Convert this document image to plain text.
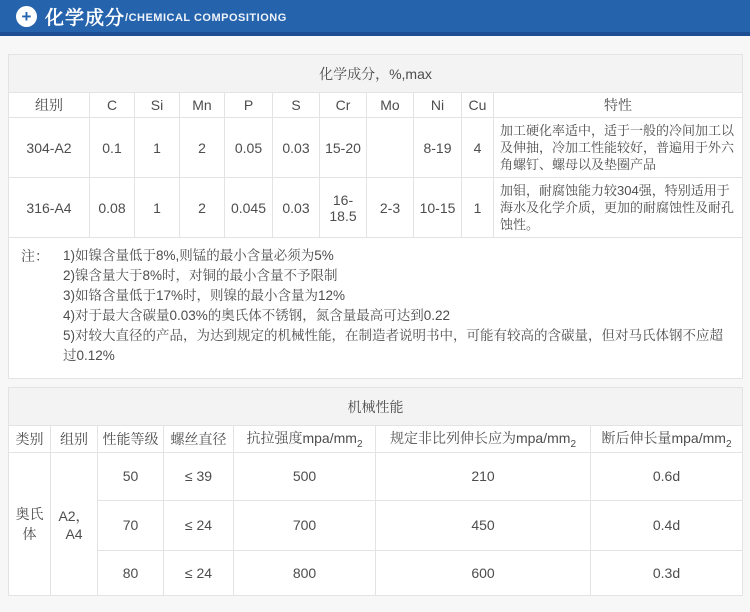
+ 化学成分 /CHEMICAL COMPOSITIONG
化学成分，%,max										
组别	C	Si	Mn	P	S	Cr	Mo	Ni	Cu	特性
304-A2	0.1	1	2	0.05	0.03	15-20		8-19	4	加工硬化率适中，适于一般的冷间加工以及伸抽，冷加工性能较好，普遍用于外六角螺钉、螺母以及垫圈产品
316-A4	0.08	1	2	0.045	0.03	16-18.5	2-3	10-15	1	加钼，耐腐蚀能力较304强，特别适用于海水及化学介质，更加的耐腐蚀性及耐孔蚀性。

注：	1)如镍含量低于8%,则锰的最小含量必须为5%
2)镍含量大于8%时，对铜的最小含量不予限制
3)如铬含量低于17%时，则镍的最小含量为12%
4)对于最大含碳量0.03%的奥氏体不锈钢，氮含量最高可达到0.22
5)对较大直径的产品，为达到规定的机械性能，在制造者说明书中，可能有较高的含碳量，但对马氏体钢不应超过0.12%
机械性能						
类别	组别	性能等级	螺丝直径	抗拉强度mpa/$mm_2$	规定非比列伸长应为mpa/$mm_2$	断后伸长量mpa/$mm_2$
奥氏体	A2，A4	50	≤ 39	500	210	0.6d
		70	≤ 24	700	450	0.4d
		80	≤ 24	800	600	0.3d
